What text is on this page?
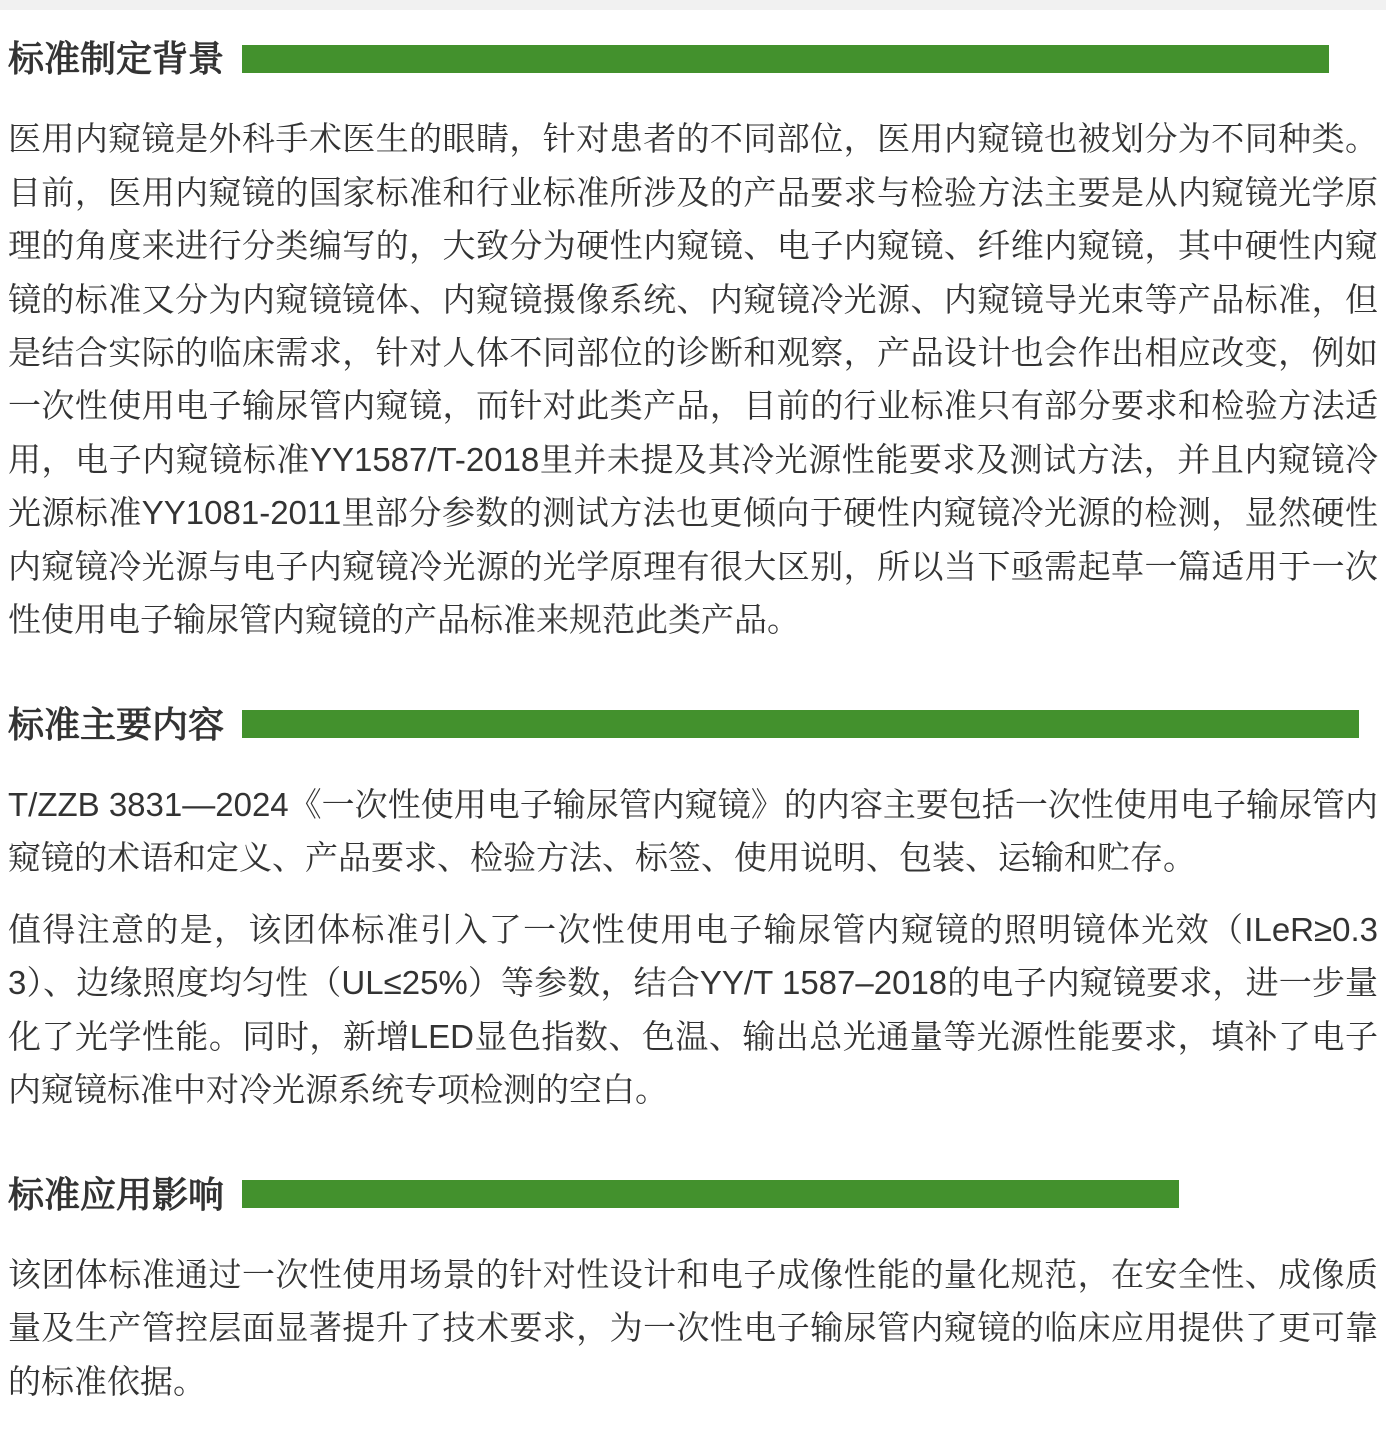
标准制定背景

医用内窥镜是外科手术医生的眼睛，针对患者的不同部位，医用内窥镜也被划分为不同种类。目前，医用内窥镜的国家标准和行业标准所涉及的产品要求与检验方法主要是从内窥镜光学原理的角度来进行分类编写的，大致分为硬性内窥镜、电子内窥镜、纤维内窥镜，其中硬性内窥镜的标准又分为内窥镜镜体、内窥镜摄像系统、内窥镜冷光源、内窥镜导光束等产品标准，但是结合实际的临床需求，针对人体不同部位的诊断和观察，产品设计也会作出相应改变，例如一次性使用电子输尿管内窥镜，而针对此类产品，目前的行业标准只有部分要求和检验方法适用，电子内窥镜标准YY1587/T-2018里并未提及其冷光源性能要求及测试方法，并且内窥镜冷光源标准YY1081-2011里部分参数的测试方法也更倾向于硬性内窥镜冷光源的检测，显然硬性内窥镜冷光源与电子内窥镜冷光源的光学原理有很大区别，所以当下亟需起草一篇适用于一次性使用电子输尿管内窥镜的产品标准来规范此类产品。

标准主要内容

T/ZZB 3831—2024《一次性使用电子输尿管内窥镜》的内容主要包括一次性使用电子输尿管内窥镜的术语和定义、产品要求、检验方法、标签、使用说明、包装、运输和贮存。

值得注意的是，该团体标准引入了一次性使用电子输尿管内窥镜的照明镜体光效（ILeR≥0.33）、边缘照度均匀性（UL≤25%）等参数，结合YY/T 1587–2018的电子内窥镜要求，进一步量化了光学性能。同时，新增LED显色指数、色温、输出总光通量等光源性能要求，填补了电子内窥镜标准中对冷光源系统专项检测的空白。

标准应用影响

该团体标准通过一次性使用场景的针对性设计和电子成像性能的量化规范，在安全性、成像质量及生产管控层面显著提升了技术要求，为一次性电子输尿管内窥镜的临床应用提供了更可靠的标准依据。
